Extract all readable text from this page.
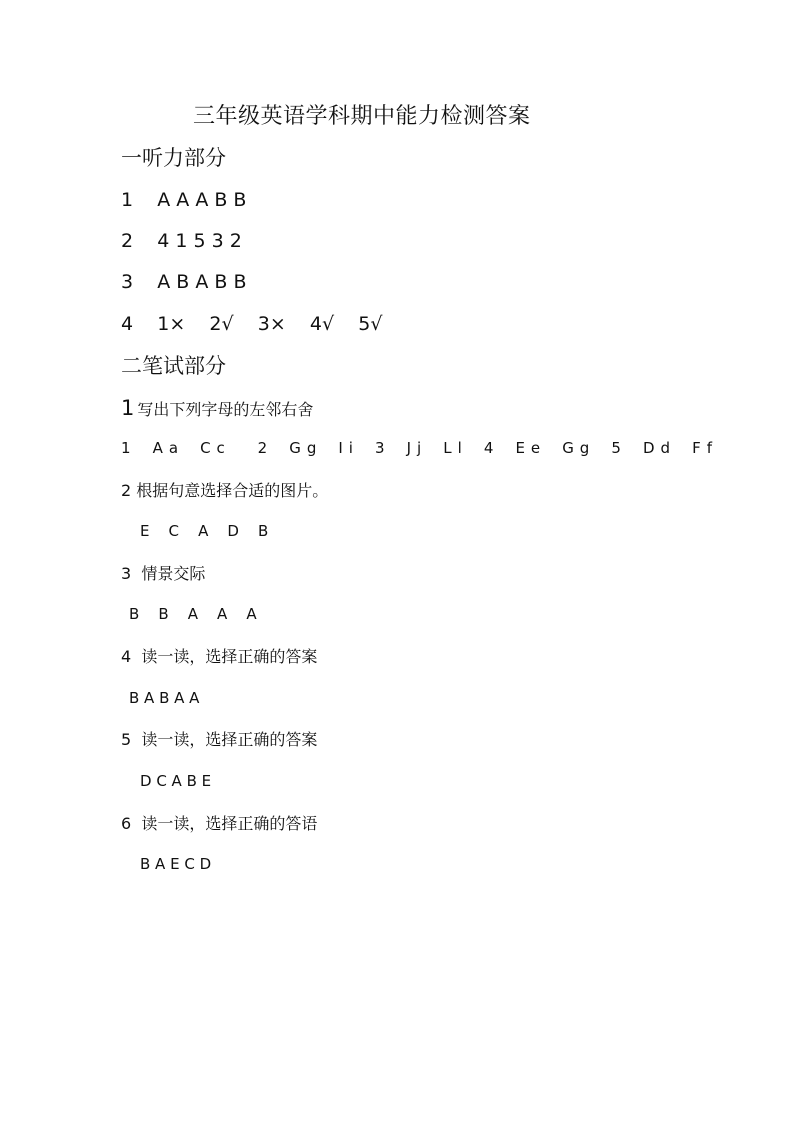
三年级英语学科期中能力检测答案
一听力部分
1    A A A B B
2    4 1 5 3 2
3    A B A B B
4    1×    2√    3×    4√    5√
二笔试部分
1 写出下列字母的左邻右舍
1    A a    C c      2    G g    I i    3    J j    L l    4    E e    G g    5    D d    F f
2 根据句意选择合适的图片。
E    C    A    D    B
3  情景交际
B    B    A    A    A
4  读一读，选择正确的答案
B A B A A
5  读一读，选择正确的答案
D C A B E
6  读一读，选择正确的答语
B A E C D
